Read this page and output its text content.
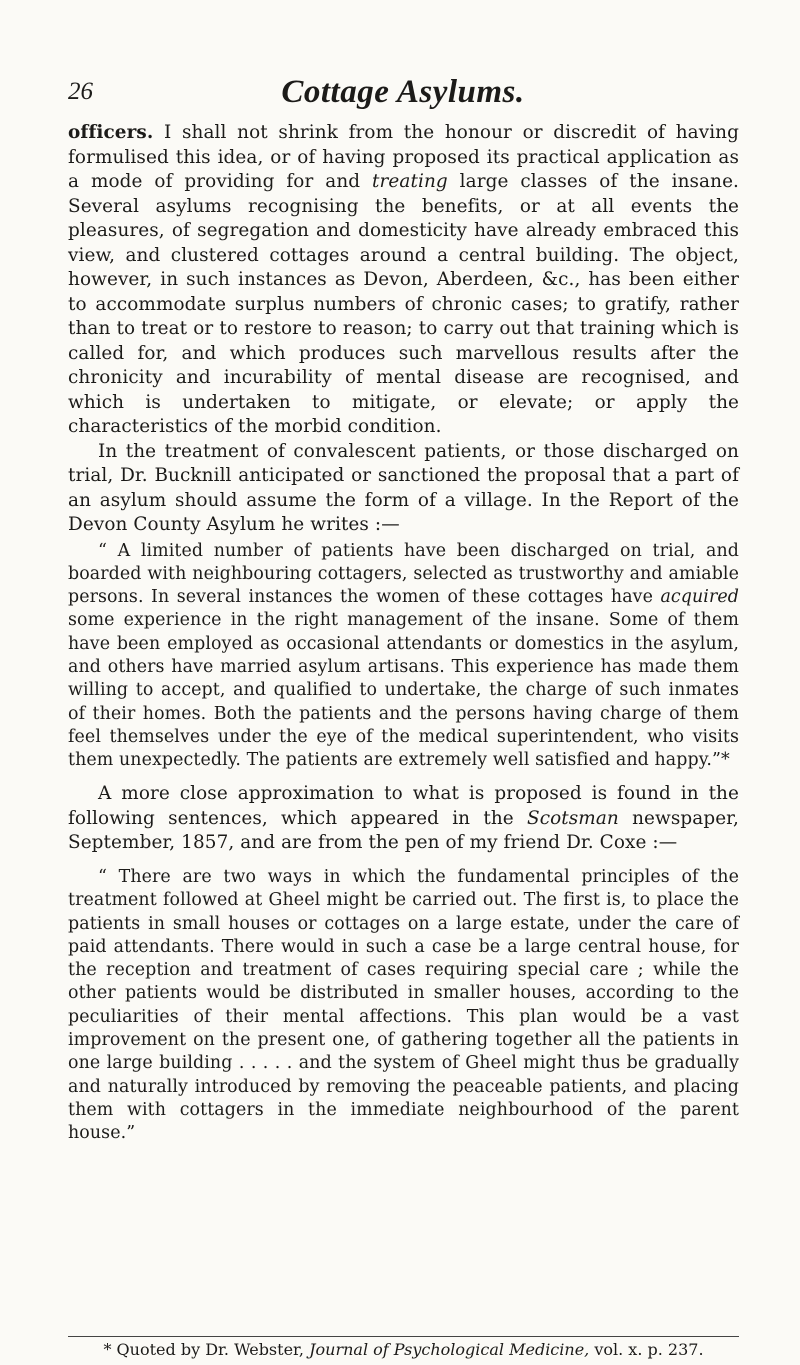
26	Cottage Asylums.

officers. I shall not shrink from the honour or discredit of having formulised this idea, or of having proposed its practical application as a mode of providing for and treating large classes of the insane. Several asylums recognising the benefits, or at all events the pleasures, of segregation and domesticity have already embraced this view, and clustered cottages around a central building. The object, however, in such instances as Devon, Aberdeen, &c., has been either to accommodate surplus numbers of chronic cases; to gratify, rather than to treat or to restore to reason; to carry out that training which is called for, and which produces such marvellous results after the chronicity and incurability of mental disease are recognised, and which is undertaken to mitigate, or elevate; or apply the characteristics of the morbid condition.

In the treatment of convalescent patients, or those discharged on trial, Dr. Bucknill anticipated or sanctioned the proposal that a part of an asylum should assume the form of a village. In the Report of the Devon County Asylum he writes :—

“ A limited number of patients have been discharged on trial, and boarded with neighbouring cottagers, selected as trustworthy and amiable persons. In several instances the women of these cottages have acquired some experience in the right management of the insane. Some of them have been employed as occasional attendants or domestics in the asylum, and others have married asylum artisans. This experience has made them willing to accept, and qualified to undertake, the charge of such inmates of their homes. Both the patients and the persons having charge of them feel themselves under the eye of the medical superintendent, who visits them unexpectedly. The patients are extremely well satisfied and happy.”*

A more close approximation to what is proposed is found in the following sentences, which appeared in the Scotsman newspaper, September, 1857, and are from the pen of my friend Dr. Coxe :—

“ There are two ways in which the fundamental principles of the treatment followed at Gheel might be carried out. The first is, to place the patients in small houses or cottages on a large estate, under the care of paid attendants. There would in such a case be a large central house, for the reception and treatment of cases requiring special care ; while the other patients would be distributed in smaller houses, according to the peculiarities of their mental affections. This plan would be a vast improvement on the present one, of gathering together all the patients in one large building . . . . . and the system of Gheel might thus be gradually and naturally introduced by removing the peaceable patients, and placing them with cottagers in the immediate neighbourhood of the parent house.”

* Quoted by Dr. Webster, Journal of Psychological Medicine, vol. x. p. 237.
